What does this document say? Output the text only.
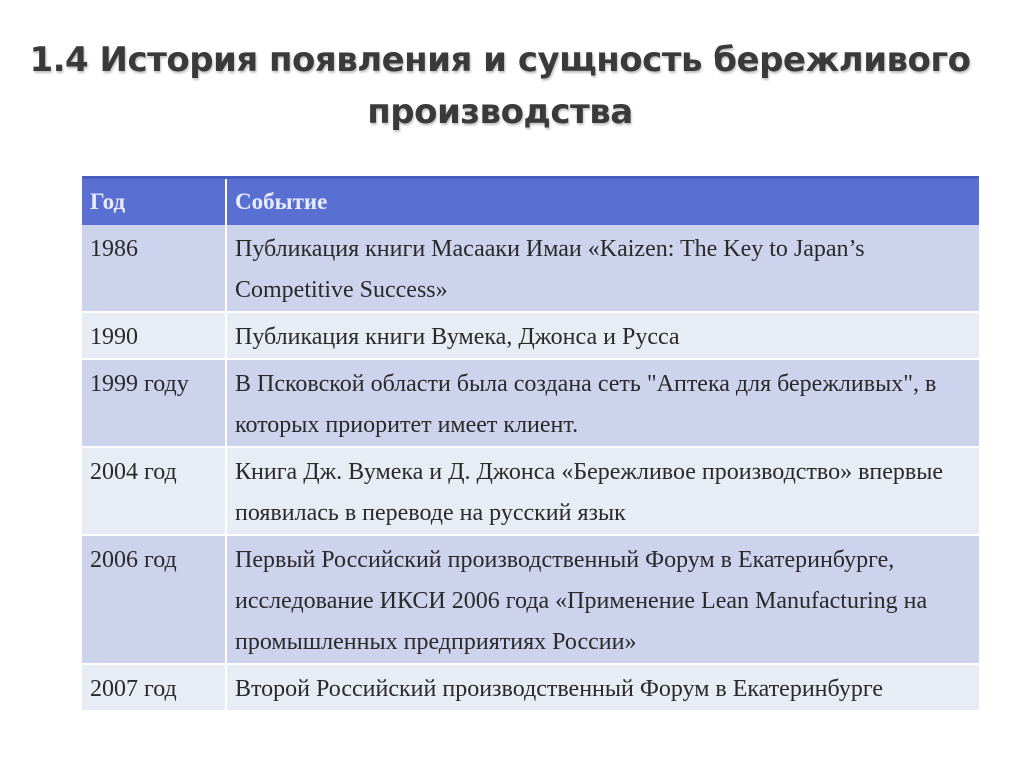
1.4 История появления и сущность бережливого
производства
Год	Событие
1986	Публикация книги Масааки Имаи «Kaizen: The Key to Japan’s Competitive Success»
1990	Публикация книги Вумека, Джонса и Русса
1999 году	В Псковской области была создана сеть "Аптека для бережливых", в которых приоритет имеет клиент.
2004 год	Книга Дж. Вумека и Д. Джонса «Бережливое производство» впервые появилась в переводе на русский язык
2006 год	Первый Российский производственный Форум в Екатеринбурге, исследование ИКСИ 2006 года «Применение Lean Manufacturing на промышленных предприятиях России»
2007 год	Второй Российский производственный Форум в Екатеринбурге
